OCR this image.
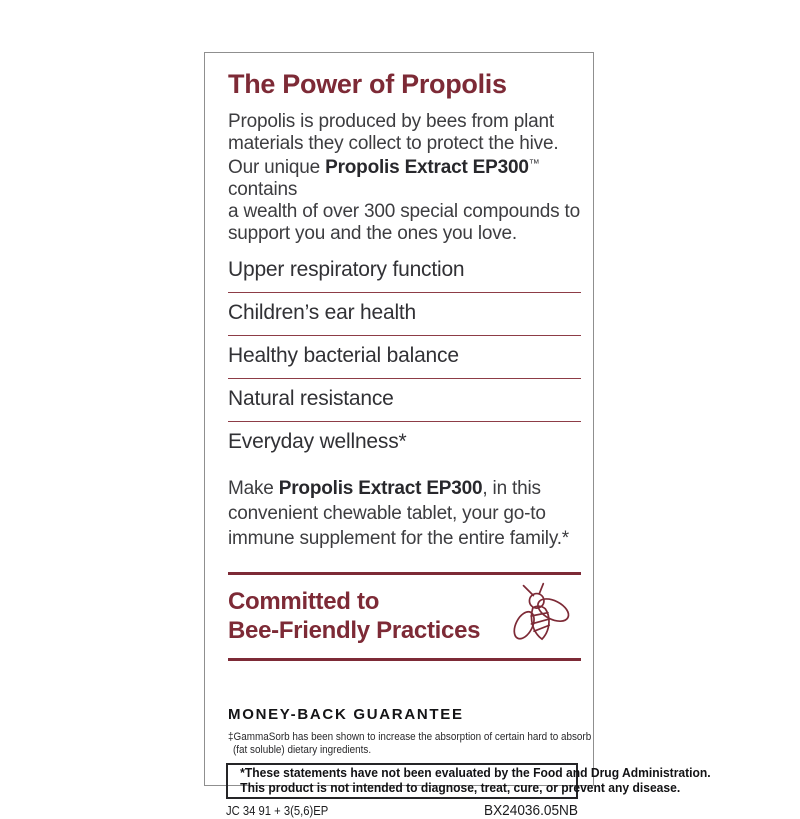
The Power of Propolis
Propolis is produced by bees from plant
materials they collect to protect the hive.
Our unique Propolis Extract EP300™ contains
a wealth of over 300 special compounds to
support you and the ones you love.
Upper respiratory function
Children’s ear health
Healthy bacterial balance
Natural resistance
Everyday wellness*
Make Propolis Extract EP300, in this
convenient chewable tablet, your go-to
immune supplement for the entire family.*
Committed to
Bee-Friendly Practices
MONEY-BACK GUARANTEE
‡GammaSorb has been shown to increase the absorption of certain hard to absorb
(fat soluble) dietary ingredients.
*These statements have not been evaluated by the Food and Drug Administration.
This product is not intended to diagnose, treat, cure, or prevent any disease.
JC 34 91 + 3(5,6)EP	BX24036.05NB
